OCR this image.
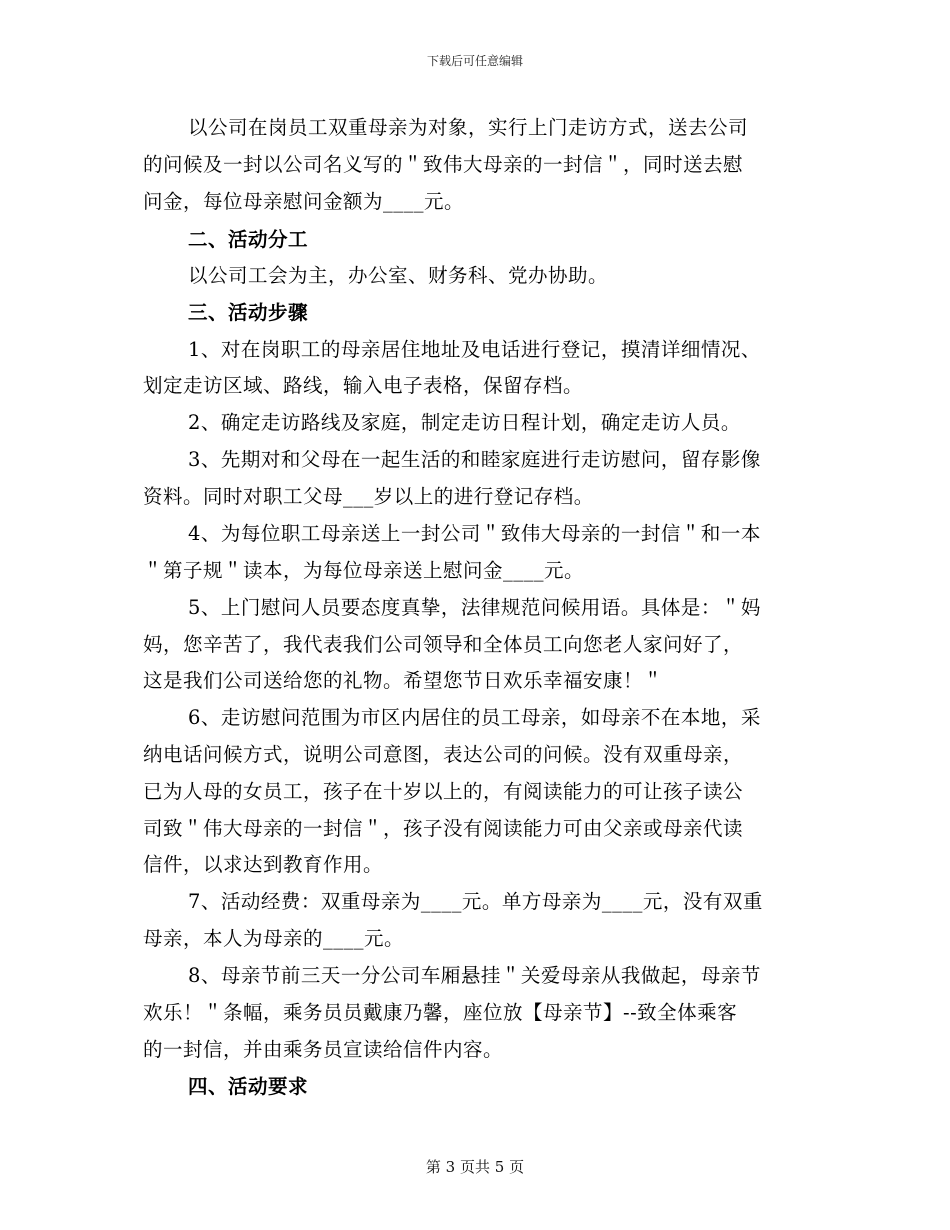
下载后可任意编辑
以公司在岗员工双重母亲为对象，实行上门走访方式，送去公司
的问候及一封以公司名义写的＂致伟大母亲的一封信＂，同时送去慰
问金，每位母亲慰问金额为____元。
二、活动分工
以公司工会为主，办公室、财务科、党办协助。
三、活动步骤
1、对在岗职工的母亲居住地址及电话进行登记，摸清详细情况、
划定走访区域、路线，输入电子表格，保留存档。
2、确定走访路线及家庭，制定走访日程计划，确定走访人员。
3、先期对和父母在一起生活的和睦家庭进行走访慰问，留存影像
资料。同时对职工父母___岁以上的进行登记存档。
4、为每位职工母亲送上一封公司＂致伟大母亲的一封信＂和一本
＂第子规＂读本，为每位母亲送上慰问金____元。
5、上门慰问人员要态度真挚，法律规范问候用语。具体是：＂妈
妈，您辛苦了，我代表我们公司领导和全体员工向您老人家问好了，
这是我们公司送给您的礼物。希望您节日欢乐幸福安康！＂
6、走访慰问范围为市区内居住的员工母亲，如母亲不在本地，采
纳电话问候方式，说明公司意图，表达公司的问候。没有双重母亲，
已为人母的女员工，孩子在十岁以上的，有阅读能力的可让孩子读公
司致＂伟大母亲的一封信＂，孩子没有阅读能力可由父亲或母亲代读
信件，以求达到教育作用。
7、活动经费：双重母亲为____元。单方母亲为____元，没有双重
母亲，本人为母亲的____元。
8、母亲节前三天一分公司车厢悬挂＂关爱母亲从我做起，母亲节
欢乐！＂条幅，乘务员员戴康乃馨，座位放【母亲节】--致全体乘客
的一封信，并由乘务员宣读给信件内容。
四、活动要求
第 3 页共 5 页
